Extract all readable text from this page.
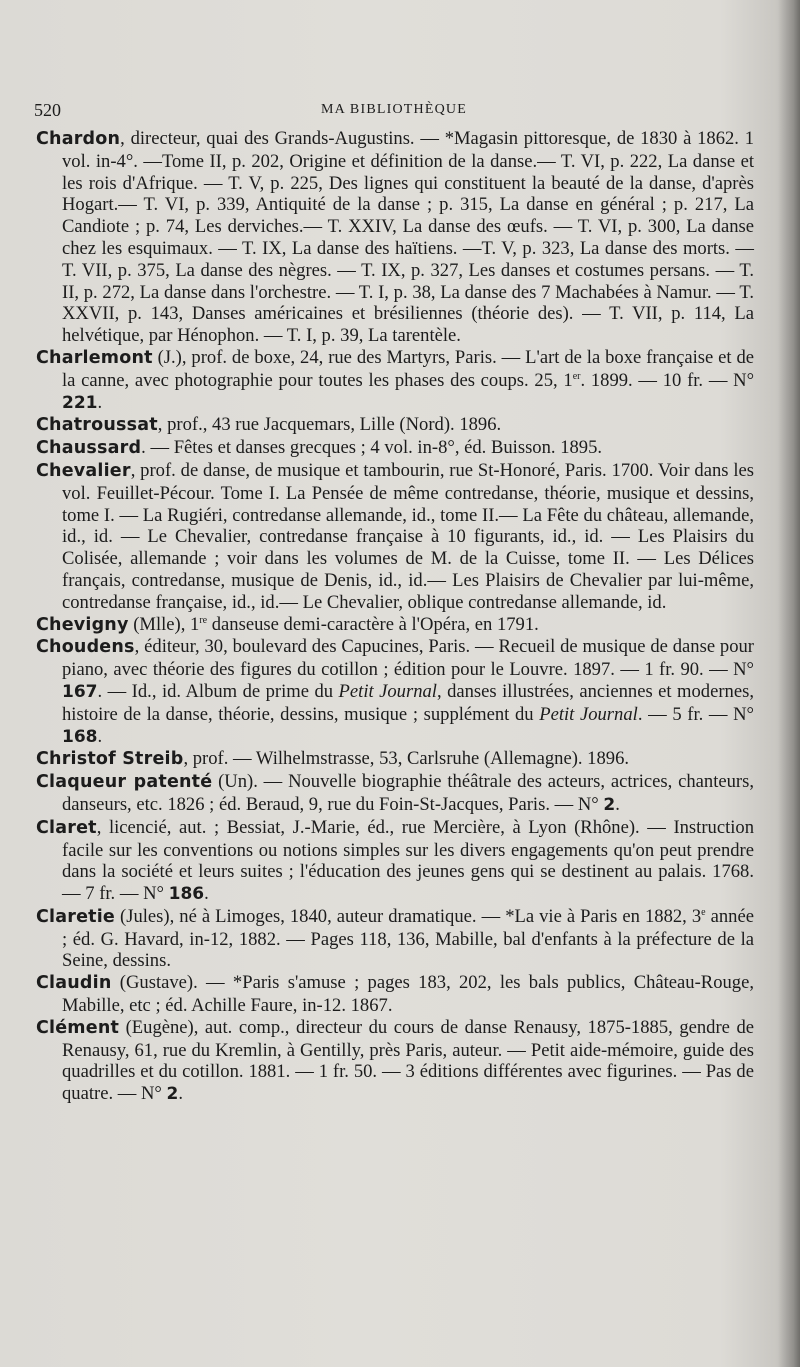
520	MA BIBLIOTHÈQUE

Chardon, directeur, quai des Grands-Augustins. — *Magasin pittoresque, de 1830 à 1862. 1 vol. in-4°. —Tome II, p. 202, Origine et définition de la danse.— T. VI, p. 222, La danse et les rois d'Afrique. — T. V, p. 225, Des lignes qui constituent la beauté de la danse, d'après Hogart.— T. VI, p. 339, Antiquité de la danse ; p. 315, La danse en général ; p. 217, La Candiote ; p. 74, Les derviches.— T. XXIV, La danse des œufs. — T. VI, p. 300, La danse chez les esquimaux. — T. IX, La danse des haïtiens. —T. V, p. 323, La danse des morts. — T. VII, p. 375, La danse des nègres. — T. IX, p. 327, Les danses et costumes persans. — T. II, p. 272, La danse dans l'orchestre. — T. I, p. 38, La danse des 7 Machabées à Namur. — T. XXVII, p. 143, Danses américaines et brésiliennes (théorie des). — T. VII, p. 114, La helvétique, par Hénophon. — T. I, p. 39, La tarentèle.

Charlemont (J.), prof. de boxe, 24, rue des Martyrs, Paris. — L'art de la boxe française et de la canne, avec photographie pour toutes les phases des coups. 25, 1er. 1899. — 10 fr. — N° 221.

Chatroussat, prof., 43 rue Jacquemars, Lille (Nord). 1896.

Chaussard. — Fêtes et danses grecques ; 4 vol. in-8°, éd. Buisson. 1895.

Chevalier, prof. de danse, de musique et tambourin, rue St-Honoré, Paris. 1700. Voir dans les vol. Feuillet-Pécour. Tome I. La Pensée de même contredanse, théorie, musique et dessins, tome I. — La Rugiéri, contredanse allemande, id., tome II.— La Fête du château, allemande, id., id. — Le Chevalier, contredanse française à 10 figurants, id., id. — Les Plaisirs du Colisée, allemande ; voir dans les volumes de M. de la Cuisse, tome II. — Les Délices français, contredanse, musique de Denis, id., id.— Les Plaisirs de Chevalier par lui-même, contredanse française, id., id.— Le Chevalier, oblique contredanse allemande, id.

Chevigny (Mlle), 1re danseuse demi-caractère à l'Opéra, en 1791.

Choudens, éditeur, 30, boulevard des Capucines, Paris. — Recueil de musique de danse pour piano, avec théorie des figures du cotillon ; édition pour le Louvre. 1897. — 1 fr. 90. — N° 167. — Id., id. Album de prime du Petit Journal, danses illustrées, anciennes et modernes, histoire de la danse, théorie, dessins, musique ; supplément du Petit Journal. — 5 fr. — N° 168.

Christof Streib, prof. — Wilhelmstrasse, 53, Carlsruhe (Allemagne). 1896.

Claqueur patenté (Un). — Nouvelle biographie théâtrale des acteurs, actrices, chanteurs, danseurs, etc. 1826 ; éd. Beraud, 9, rue du Foin-St-Jacques, Paris. — N° 2.

Claret, licencié, aut. ; Bessiat, J.-Marie, éd., rue Mercière, à Lyon (Rhône). — Instruction facile sur les conventions ou notions simples sur les divers engagements qu'on peut prendre dans la société et leurs suites ; l'éducation des jeunes gens qui se destinent au palais. 1768. — 7 fr. — N° 186.

Claretie (Jules), né à Limoges, 1840, auteur dramatique. — *La vie à Paris en 1882, 3e année ; éd. G. Havard, in-12, 1882. — Pages 118, 136, Mabille, bal d'enfants à la préfecture de la Seine, dessins.

Claudin (Gustave). — *Paris s'amuse ; pages 183, 202, les bals publics, Château-Rouge, Mabille, etc ; éd. Achille Faure, in-12. 1867.

Clément (Eugène), aut. comp., directeur du cours de danse Renausy, 1875-1885, gendre de Renausy, 61, rue du Kremlin, à Gentilly, près Paris, auteur. — Petit aide-mémoire, guide des quadrilles et du cotillon. 1881. — 1 fr. 50. — 3 éditions différentes avec figurines. — Pas de quatre. — N° 2.
